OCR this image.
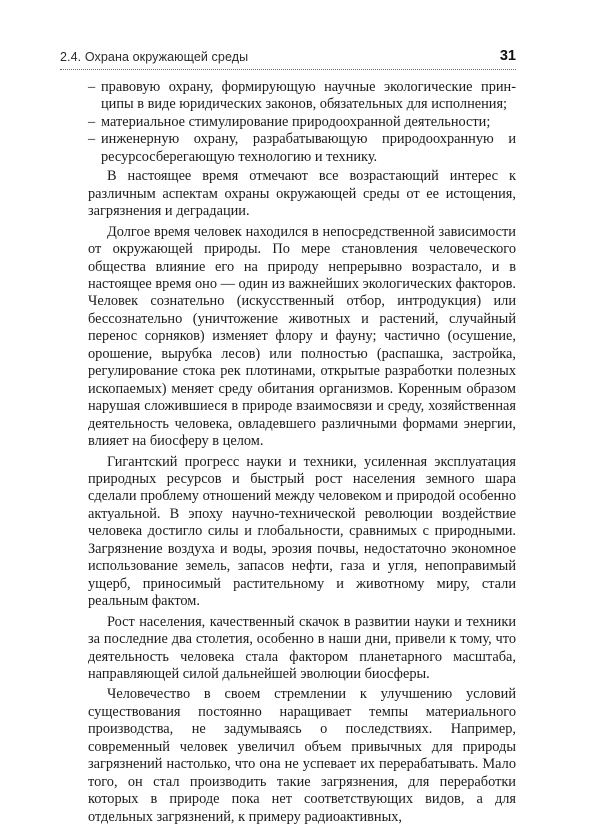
2.4. Охрана окружающей среды	31
– правовую охрану, формирующую научные экологические прин-ципы в виде юридических законов, обязательных для исполнения;
– материальное стимулирование природоохранной деятельности;
– инженерную охрану, разрабатывающую природоохранную и ресурсосберегающую технологию и технику.

В настоящее время отмечают все возрастающий интерес к различным аспектам охраны окружающей среды от ее истощения, загрязнения и деградации.

Долгое время человек находился в непосредственной зависимости от окружающей природы. По мере становления человеческого общества влияние его на природу непрерывно возрастало, и в настоящее время оно — один из важнейших экологических факторов. Человек сознательно (искусственный отбор, интродукция) или бессознательно (уничтожение животных и растений, случайный перенос сорняков) изменяет флору и фауну; частично (осушение, орошение, вырубка лесов) или полностью (распашка, застройка, регулирование стока рек плотинами, открытые разработки полезных ископаемых) меняет среду обитания организмов. Коренным образом нарушая сложившиеся в природе взаимосвязи и среду, хозяйственная деятельность человека, овладевшего различными формами энергии, влияет на биосферу в целом.

Гигантский прогресс науки и техники, усиленная эксплуатация природных ресурсов и быстрый рост населения земного шара сделали проблему отношений между человеком и природой особенно актуальной. В эпоху научно-технической революции воздействие человека достигло силы и глобальности, сравнимых с природными. Загрязнение воздуха и воды, эрозия почвы, недостаточно экономное использование земель, запасов нефти, газа и угля, непоправимый ущерб, приносимый растительному и животному миру, стали реальным фактом.

Рост населения, качественный скачок в развитии науки и техники за последние два столетия, особенно в наши дни, привели к тому, что деятельность человека стала фактором планетарного масштаба, направляющей силой дальнейшей эволюции биосферы.

Человечество в своем стремлении к улучшению условий существования постоянно наращивает темпы материального производства, не задумываясь о последствиях. Например, современный человек увеличил объем привычных для природы загрязнений настолько, что она не успевает их перерабатывать. Мало того, он стал производить такие загрязнения, для переработки которых в природе пока нет соответствующих видов, а для отдельных загрязнений, к примеру радиоактивных,
